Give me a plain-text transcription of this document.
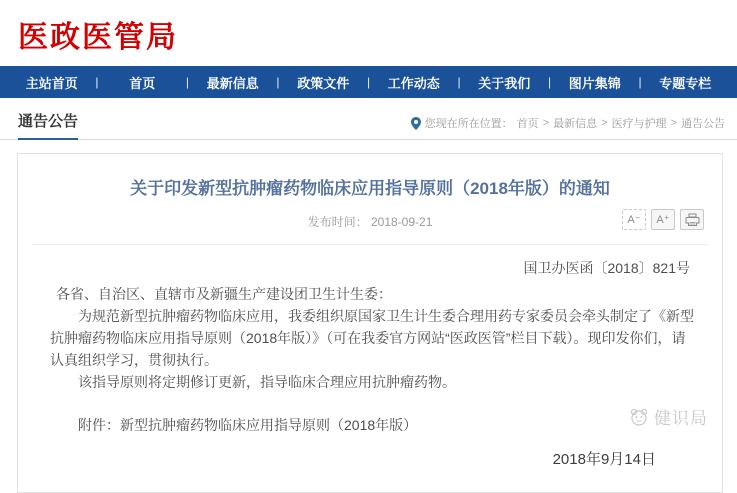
医政医管局
主站首页	|	首页	|	最新信息	|	政策文件	|	工作动态	|	关于我们	|	图片集锦	|	专题专栏
通告公告	您现在所在位置： 首页 > 最新信息 > 医疗与护理 > 通告公告
关于印发新型抗肿瘤药物临床应用指导原则（2018年版）的通知
发布时间： 2018-09-21	A⁻	A⁺
国卫办医函〔2018〕821号
各省、自治区、直辖市及新疆生产建设团卫生计生委：
为规范新型抗肿瘤药物临床应用，我委组织原国家卫生计生委合理用药专家委员会牵头制定了《新型抗肿瘤药物临床应用指导原则（2018年版）》（可在我委官方网站“医政医管”栏目下载）。现印发你们，请认真组织学习，贯彻执行。
该指导原则将定期修订更新，指导临床合理应用抗肿瘤药物。
附件：新型抗肿瘤药物临床应用指导原则（2018年版）
2018年9月14日
健识局
